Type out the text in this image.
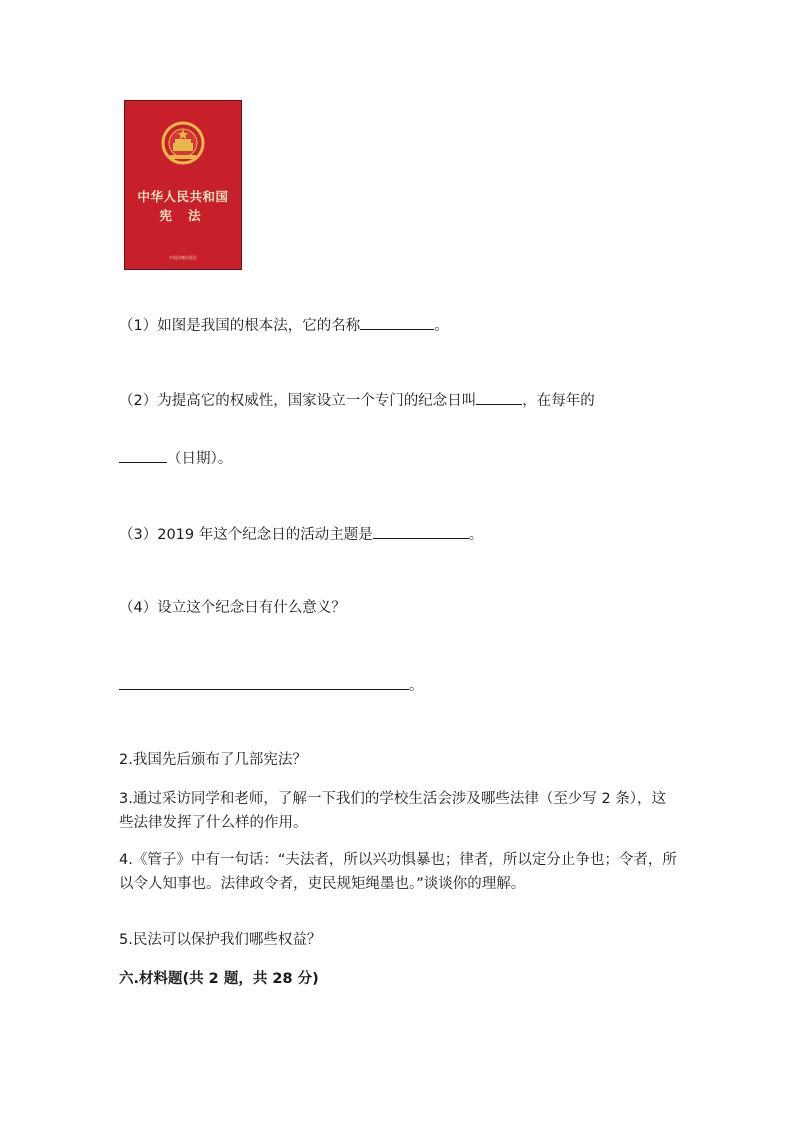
中华人民共和国
宪 法
中国法制出版社
（1）如图是我国的根本法，它的名称	。
（2）为提高它的权威性，国家设立一个专门的纪念日叫	，在每年的
（日期）。
（3）2019 年这个纪念日的活动主题是	。
（4）设立这个纪念日有什么意义？
。
2.我国先后颁布了几部宪法？
3.通过采访同学和老师，了解一下我们的学校生活会涉及哪些法律（至少写 2 条），这些法律发挥了什么样的作用。
4.《管子》中有一句话：“夫法者，所以兴功惧暴也；律者，所以定分止争也；令者，所以令人知事也。法律政令者，吏民规矩绳墨也。”谈谈你的理解。
5.民法可以保护我们哪些权益？
六.材料题(共 2 题，共 28 分)
